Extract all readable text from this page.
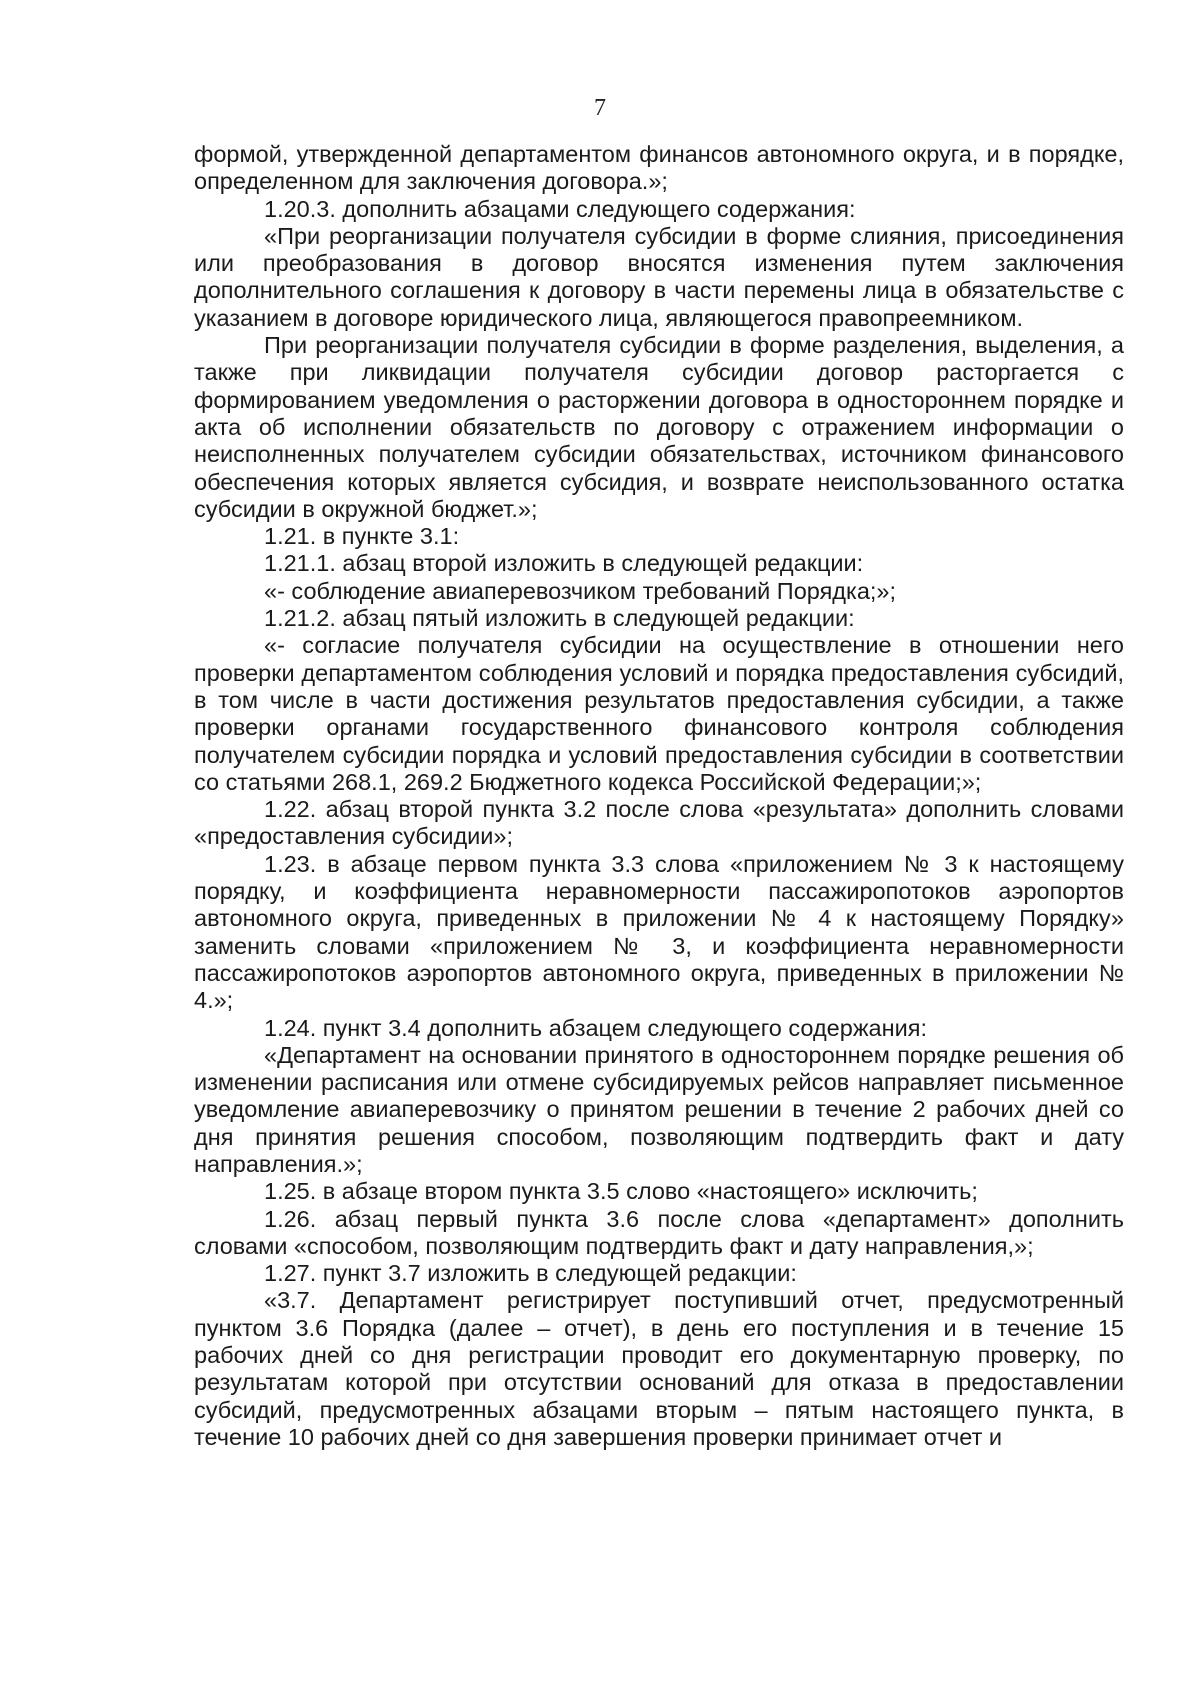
7

формой, утвержденной департаментом финансов автономного округа, и в порядке, определенном для заключения договора.»;

1.20.3. дополнить абзацами следующего содержания:

«При реорганизации получателя субсидии в форме слияния, присоединения или преобразования в договор вносятся изменения путем заключения дополнительного соглашения к договору в части перемены лица в обязательстве с указанием в договоре юридического лица, являющегося правопреемником.

При реорганизации получателя субсидии в форме разделения, выделения, а также при ликвидации получателя субсидии договор расторгается с формированием уведомления о расторжении договора в одностороннем порядке и акта об исполнении обязательств по договору с отражением информации о неисполненных получателем субсидии обязательствах, источником финансового обеспечения которых является субсидия, и возврате неиспользованного остатка субсидии в окружной бюджет.»;

1.21. в пункте 3.1:

1.21.1. абзац второй изложить в следующей редакции:

«- соблюдение авиаперевозчиком требований Порядка;»;

1.21.2. абзац пятый изложить в следующей редакции:

«- согласие получателя субсидии на осуществление в отношении него проверки департаментом соблюдения условий и порядка предоставления субсидий, в том числе в части достижения результатов предоставления субсидии, а также проверки органами государственного финансового контроля соблюдения получателем субсидии порядка и условий предоставления субсидии в соответствии со статьями 268.1, 269.2 Бюджетного кодекса Российской Федерации;»;

1.22. абзац второй пункта 3.2 после слова «результата» дополнить словами «предоставления субсидии»;

1.23. в абзаце первом пункта 3.3 слова «приложением № 3 к настоящему порядку, и коэффициента неравномерности пассажиропотоков аэропортов автономного округа, приведенных в приложении № 4 к настоящему Порядку» заменить словами «приложением № 3, и коэффициента неравномерности пассажиропотоков аэропортов автономного округа, приведенных в приложении № 4.»;

1.24. пункт 3.4 дополнить абзацем следующего содержания:

«Департамент на основании принятого в одностороннем порядке решения об изменении расписания или отмене субсидируемых рейсов направляет письменное уведомление авиаперевозчику о принятом решении в течение 2 рабочих дней со дня принятия решения способом, позволяющим подтвердить факт и дату направления.»;

1.25. в абзаце втором пункта 3.5 слово «настоящего» исключить;

1.26. абзац первый пункта 3.6 после слова «департамент» дополнить словами «способом, позволяющим подтвердить факт и дату направления,»;

1.27. пункт 3.7 изложить в следующей редакции:

«3.7. Департамент регистрирует поступивший отчет, предусмотренный пунктом 3.6 Порядка (далее – отчет), в день его поступления и в течение 15 рабочих дней со дня регистрации проводит его документарную проверку, по результатам которой при отсутствии оснований для отказа в предоставлении субсидий, предусмотренных абзацами вторым – пятым настоящего пункта, в течение 10 рабочих дней со дня завершения проверки принимает отчет и
